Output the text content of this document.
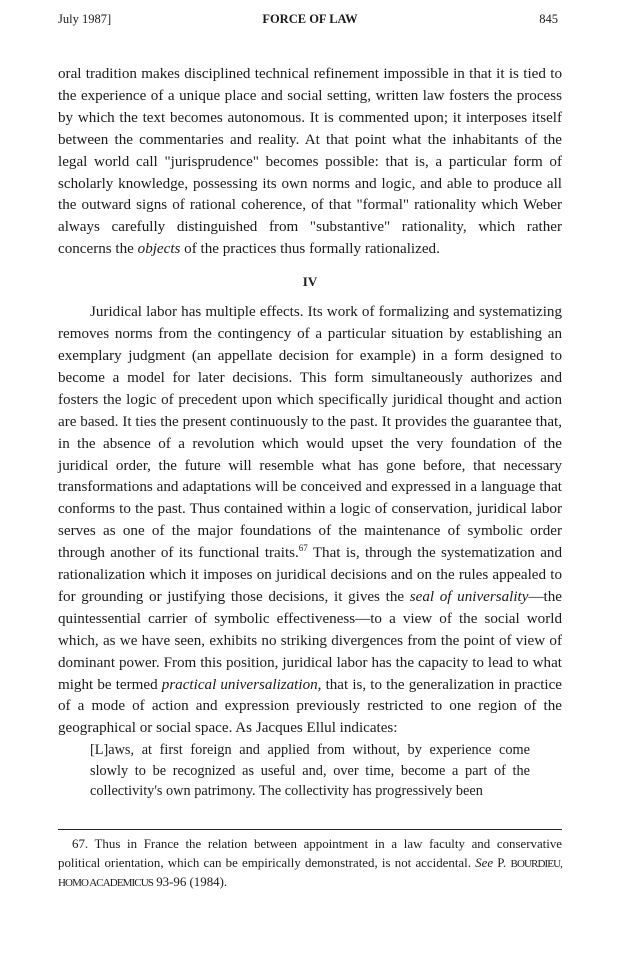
July 1987]	FORCE OF LAW	845

oral tradition makes disciplined technical refinement impossible in that it is tied to the experience of a unique place and social setting, written law fosters the process by which the text becomes autonomous. It is commented upon; it interposes itself between the commentaries and reality. At that point what the inhabitants of the legal world call "jurisprudence" becomes possible: that is, a particular form of scholarly knowledge, possessing its own norms and logic, and able to produce all the outward signs of rational coherence, of that "formal" rationality which Weber always carefully distinguished from "substantive" rationality, which rather concerns the objects of the practices thus formally rationalized.

IV

Juridical labor has multiple effects. Its work of formalizing and systematizing removes norms from the contingency of a particular situation by establishing an exemplary judgment (an appellate decision for example) in a form designed to become a model for later decisions. This form simultaneously authorizes and fosters the logic of precedent upon which specifically juridical thought and action are based. It ties the present continuously to the past. It provides the guarantee that, in the absence of a revolution which would upset the very foundation of the juridical order, the future will resemble what has gone before, that necessary transformations and adaptations will be conceived and expressed in a language that conforms to the past. Thus contained within a logic of conservation, juridical labor serves as one of the major foundations of the maintenance of symbolic order through another of its functional traits.$^{67}$ That is, through the systematization and rationalization which it imposes on juridical decisions and on the rules appealed to for grounding or justifying those decisions, it gives the seal of universality—the quintessential carrier of symbolic effectiveness—to a view of the social world which, as we have seen, exhibits no striking divergences from the point of view of dominant power. From this position, juridical labor has the capacity to lead to what might be termed practical universalization, that is, to the generalization in practice of a mode of action and expression previously restricted to one region of the geographical or social space. As Jacques Ellul indicates:

[L]aws, at first foreign and applied from without, by experience come slowly to be recognized as useful and, over time, become a part of the collectivity's own patrimony. The collectivity has progressively been

67. Thus in France the relation between appointment in a law faculty and conservative political orientation, which can be empirically demonstrated, is not accidental. See P. BOURDIEU, HOMO ACADEMICUS 93-96 (1984).
